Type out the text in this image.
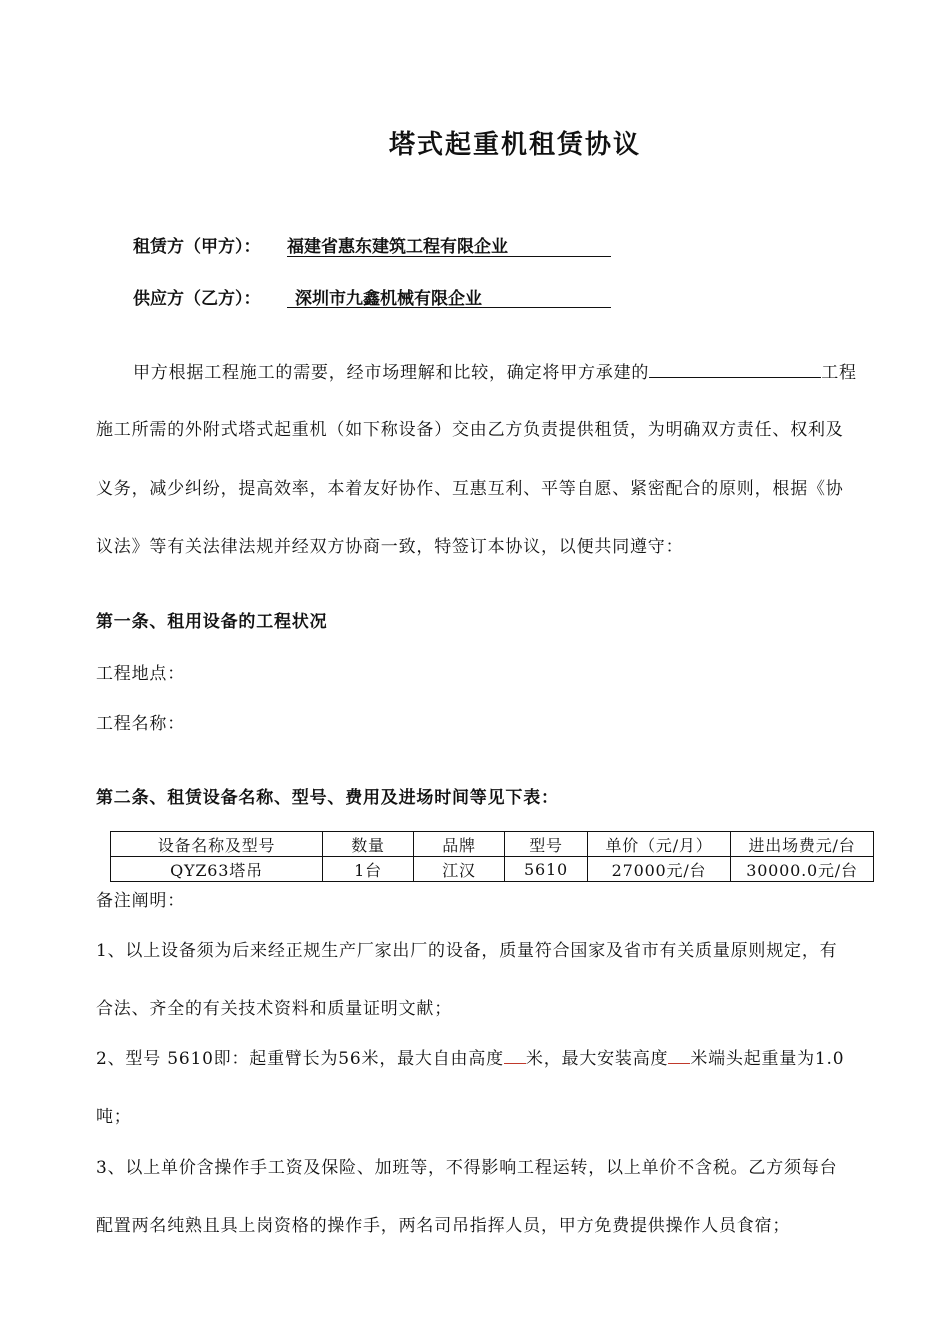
塔式起重机租赁协议
租赁方（甲方）： 福建省惠东建筑工程有限企业
供应方（乙方）：	深圳市九鑫机械有限企业
甲方根据工程施工的需要，经市场理解和比较，确定将甲方承建的	工程
施工所需的外附式塔式起重机（如下称设备）交由乙方负责提供租赁，为明确双方责任、权利及
义务，减少纠纷，提高效率，本着友好协作、互惠互利、平等自愿、紧密配合的原则，根据《协
议法》等有关法律法规并经双方协商一致，特签订本协议，以便共同遵守：
第一条、租用设备的工程状况
工程地点：
工程名称：
第二条、租赁设备名称、型号、费用及进场时间等见下表：
设备名称及型号	数量	品牌	型号	单价（元/月）	进出场费元/台
QYZ63塔吊	1台	江汉	5610	27000元/台	30000.0元/台
备注阐明：
1、以上设备须为后来经正规生产厂家出厂的设备，质量符合国家及省市有关质量原则规定，有
合法、齐全的有关技术资料和质量证明文献；
2、型号 5610即：起重臂长为56米，最大自由高度 米，最大安装高度 米端头起重量为1.0
吨；
3、以上单价含操作手工资及保险、加班等，不得影响工程运转，以上单价不含税。乙方须每台
配置两名纯熟且具上岗资格的操作手，两名司吊指挥人员，甲方免费提供操作人员食宿；
